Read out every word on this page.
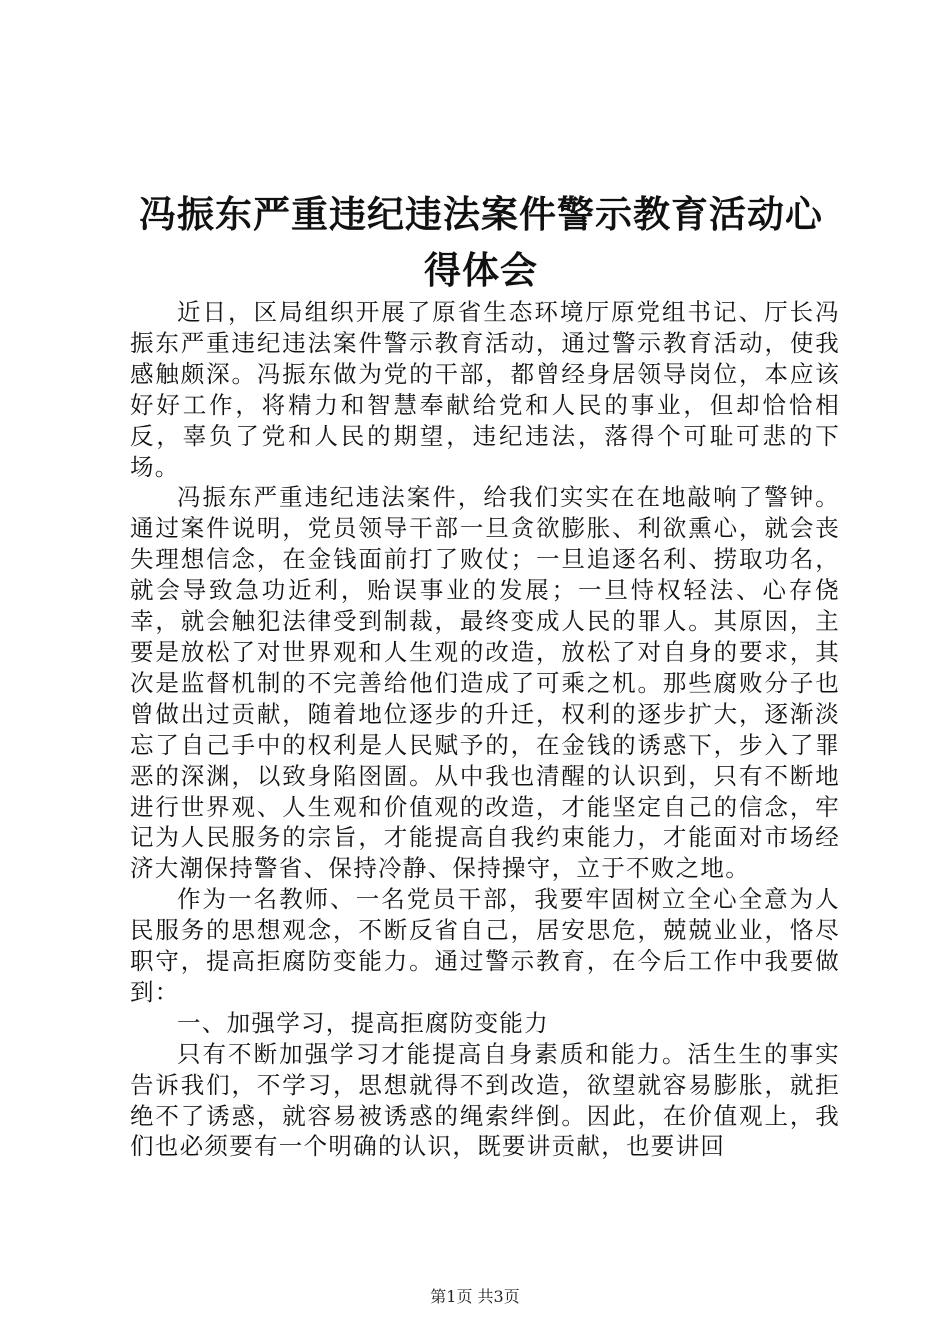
冯振东严重违纪违法案件警示教育活动心得体会

近日，区局组织开展了原省生态环境厅原党组书记、厅长冯振东严重违纪违法案件警示教育活动，通过警示教育活动，使我感触颇深。冯振东做为党的干部，都曾经身居领导岗位，本应该好好工作，将精力和智慧奉献给党和人民的事业，但却恰恰相反，辜负了党和人民的期望，违纪违法，落得个可耻可悲的下场。

冯振东严重违纪违法案件，给我们实实在在地敲响了警钟。通过案件说明，党员领导干部一旦贪欲膨胀、利欲熏心，就会丧失理想信念，在金钱面前打了败仗；一旦追逐名利、捞取功名，就会导致急功近利，贻误事业的发展；一旦恃权轻法、心存侥幸，就会触犯法律受到制裁，最终变成人民的罪人。其原因，主要是放松了对世界观和人生观的改造，放松了对自身的要求，其次是监督机制的不完善给他们造成了可乘之机。那些腐败分子也曾做出过贡献，随着地位逐步的升迁，权利的逐步扩大，逐渐淡忘了自己手中的权利是人民赋予的，在金钱的诱惑下，步入了罪恶的深渊，以致身陷囹圄。从中我也清醒的认识到，只有不断地进行世界观、人生观和价值观的改造，才能坚定自己的信念，牢记为人民服务的宗旨，才能提高自我约束能力，才能面对市场经济大潮保持警省、保持冷静、保持操守，立于不败之地。

作为一名教师、一名党员干部，我要牢固树立全心全意为人民服务的思想观念，不断反省自己，居安思危，兢兢业业，恪尽职守，提高拒腐防变能力。通过警示教育，在今后工作中我要做到：

一、加强学习，提高拒腐防变能力

只有不断加强学习才能提高自身素质和能力。活生生的事实告诉我们，不学习，思想就得不到改造，欲望就容易膨胀，就拒绝不了诱惑，就容易被诱惑的绳索绊倒。因此，在价值观上，我们也必须要有一个明确的认识，既要讲贡献，也要讲回

第1页 共3页
